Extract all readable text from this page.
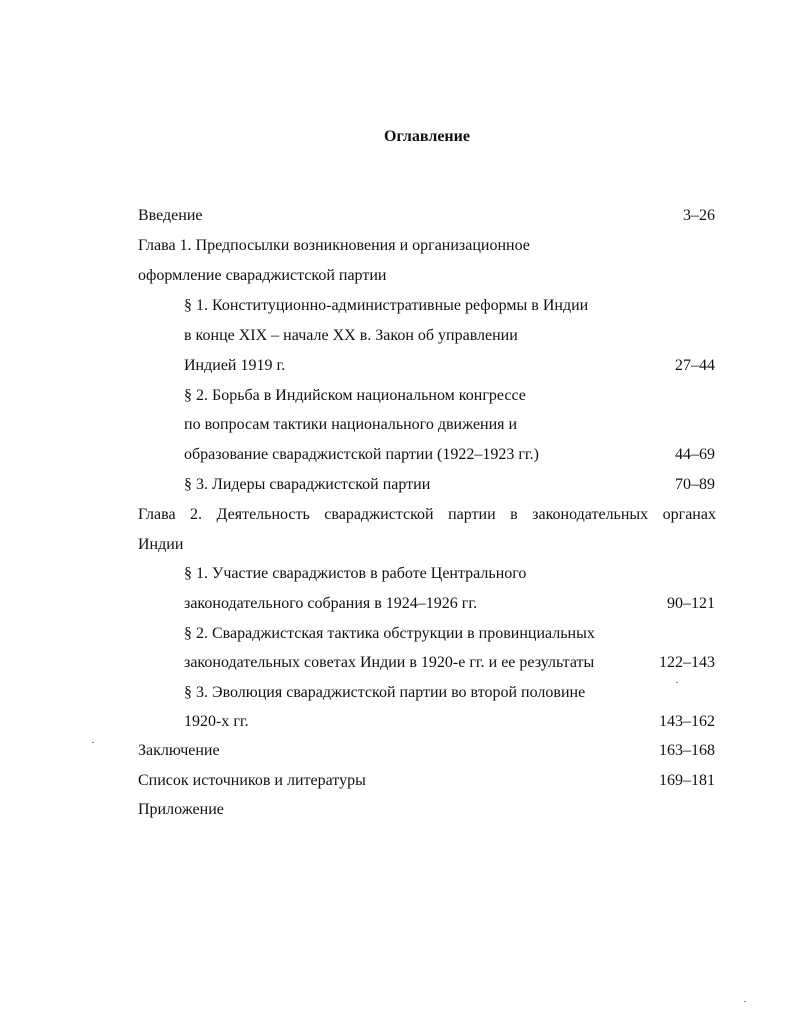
Оглавление
Введение	3–26
Глава 1. Предпосылки возникновения и организационное
оформление свараджистской партии
§ 1. Конституционно-административные реформы в Индии
в конце XIX – начале XX в. Закон об управлении
Индией 1919 г.	27–44
§ 2. Борьба в Индийском национальном конгрессе
по вопросам тактики национального движения и
образование свараджистской партии (1922–1923 гг.)	44–69
§ 3. Лидеры свараджистской партии	70–89
Глава 2. Деятельность свараджистской партии в законодательных органах
Индии
§ 1. Участие свараджистов в работе Центрального
законодательного собрания в 1924–1926 гг.	90–121
§ 2. Свараджистская тактика обструкции в провинциальных
законодательных советах Индии в 1920-е гг. и ее результаты	122–143
§ 3. Эволюция свараджистской партии во второй половине
1920-х гг.	143–162
Заключение	163–168
Список источников и литературы	169–181
Приложение
